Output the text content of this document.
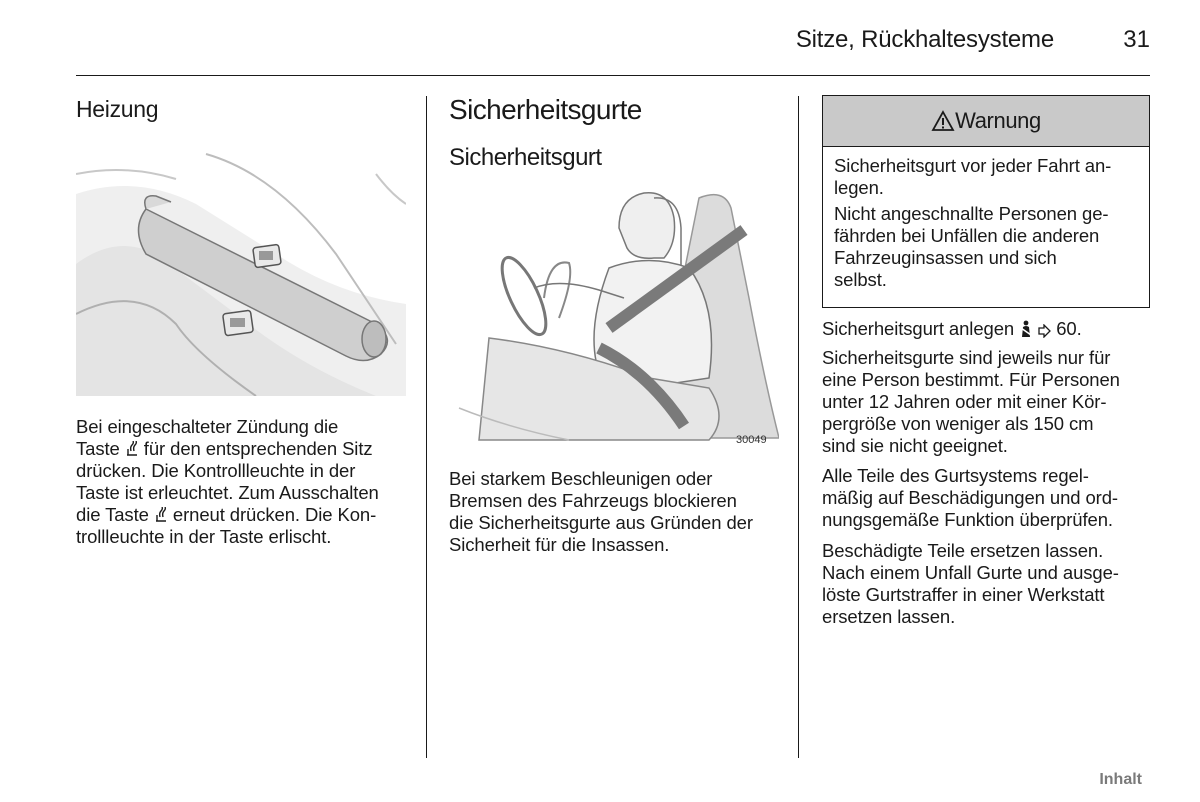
Sitze, Rückhaltesysteme	31
Heizung
Bei eingeschalteter Zündung die
Taste  für den entsprechenden Sitz
drücken. Die Kontrollleuchte in der
Taste ist erleuchtet. Zum Ausschalten
die Taste  erneut drücken. Die Kon-
trollleuchte in der Taste erlischt.
Sicherheitsgurte
Sicherheitsgurt
30049
Bei starkem Beschleunigen oder
Bremsen des Fahrzeugs blockieren
die Sicherheitsgurte aus Gründen der
Sicherheit für die Insassen.
Warnung
Sicherheitsgurt vor jeder Fahrt an-
legen.
Nicht angeschnallte Personen ge-
fährden bei Unfällen die anderen
Fahrzeuginsassen und sich
selbst.
Sicherheitsgurt anlegen   60.
Sicherheitsgurte sind jeweils nur für
eine Person bestimmt. Für Personen
unter 12 Jahren oder mit einer Kör-
pergröße von weniger als 150 cm
sind sie nicht geeignet.
Alle Teile des Gurtsystems regel-
mäßig auf Beschädigungen und ord-
nungsgemäße Funktion überprüfen.
Beschädigte Teile ersetzen lassen.
Nach einem Unfall Gurte und ausge-
löste Gurtstraffer in einer Werkstatt
ersetzen lassen.
Inhalt
